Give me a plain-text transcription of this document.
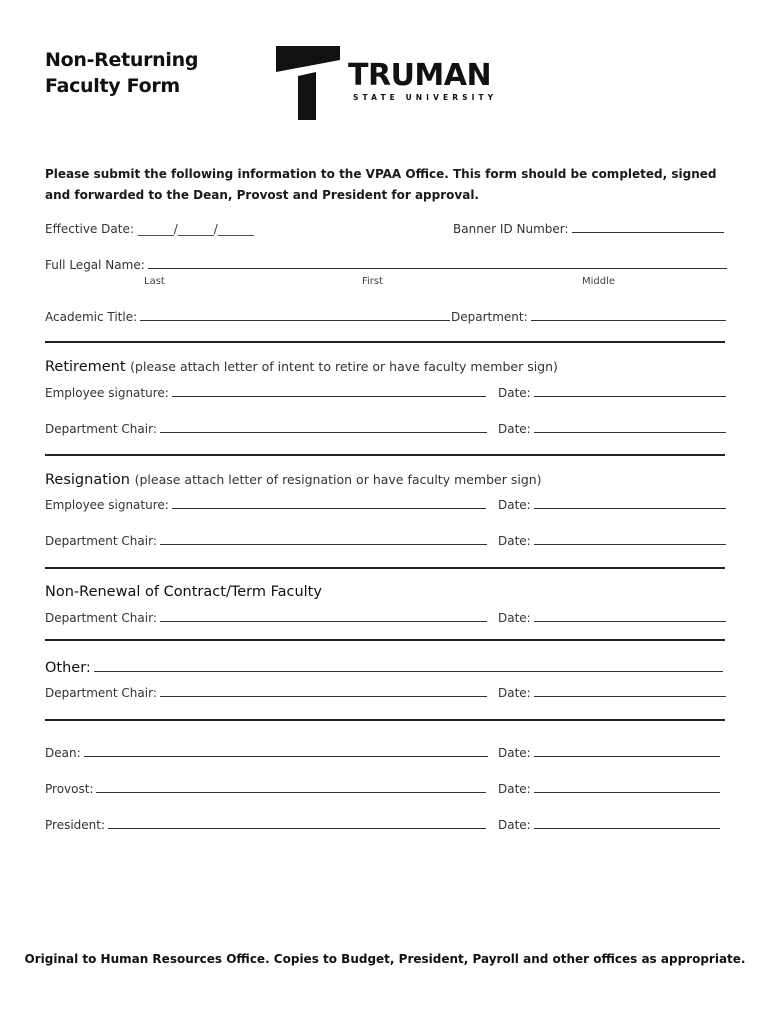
Non-Returning
Faculty Form	TRUMAN
STATE UNIVERSITY
Please submit the following information to the VPAA Office. This form should be completed, signed and forwarded to the Dean, Provost and President for approval.
Effective Date: ______/______/______	Banner ID Number:
Full Legal Name:
Last	First	Middle
Academic Title:	Department:
Retirement (please attach letter of intent to retire or have faculty member sign)
Employee signature:	Date:
Department Chair:	Date:
Resignation (please attach letter of resignation or have faculty member sign)
Employee signature:	Date:
Department Chair:	Date:
Non-Renewal of Contract/Term Faculty
Department Chair:	Date:
Other:
Department Chair:	Date:
Dean:	Date:
Provost:	Date:
President:	Date:
Original to Human Resources Office. Copies to Budget, President, Payroll and other offices as appropriate.
